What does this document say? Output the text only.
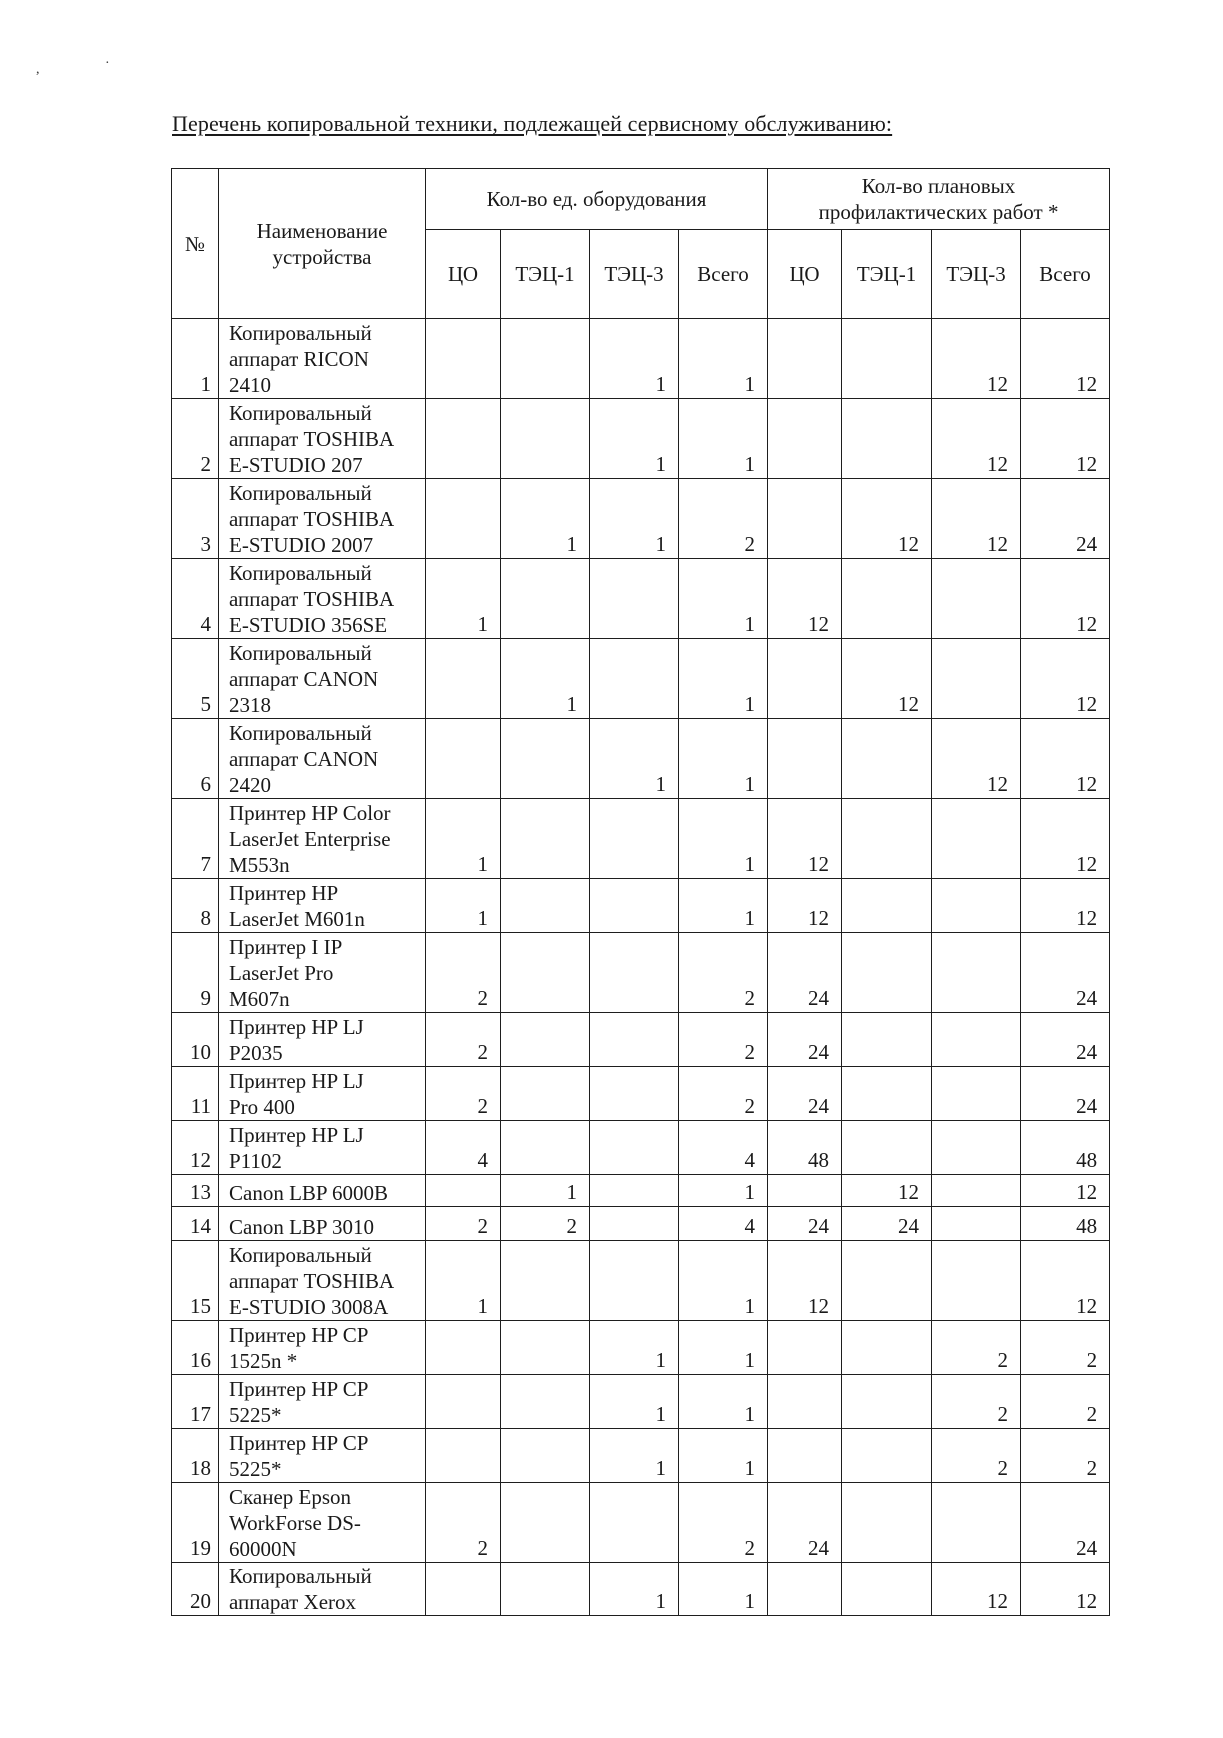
,	·
Перечень копировальной техники, подлежащей сервисному обслуживанию:
№	Наименование устройства	Кол-во ед. оборудования				Кол-во плановых профилактических работ *			
		ЦО	ТЭЦ-1	ТЭЦ-3	Всего	ЦО	ТЭЦ-1	ТЭЦ-3	Всего
1	Копировальный
аппарат RICON
2410			1	1			12	12
2	Копировальный
аппарат TOSHIBA
E-STUDIO 207			1	1			12	12
3	Копировальный
аппарат TOSHIBA
E-STUDIO 2007		1	1	2		12	12	24
4	Копировальный
аппарат TOSHIBA
E-STUDIO 356SE	1			1	12			12
5	Копировальный
аппарат CANON
2318		1		1		12		12
6	Копировальный
аппарат CANON
2420			1	1			12	12
7	Принтер HP Color
LaserJet Enterprise
M553n	1			1	12			12
8	Принтер HP
LaserJet M601n	1			1	12			12
9	Принтер I IP
LaserJet Pro
M607n	2			2	24			24
10	Принтер HP LJ
P2035	2			2	24			24
11	Принтер HP LJ
Pro 400	2			2	24			24
12	Принтер HP LJ
P1102	4			4	48			48
13	Canon LBP 6000B		1		1		12		12
14	Canon LBP 3010	2	2		4	24	24		48
15	Копировальный
аппарат TOSHIBA
E-STUDIO 3008A	1			1	12			12
16	Принтер HP CP
1525n *			1	1			2	2
17	Принтер HP CP
5225*			1	1			2	2
18	Принтер HP CP
5225*			1	1			2	2
19	Сканер Epson
WorkForse DS-
60000N	2			2	24			24
20	Копировальный
аппарат Xerox			1	1			12	12
